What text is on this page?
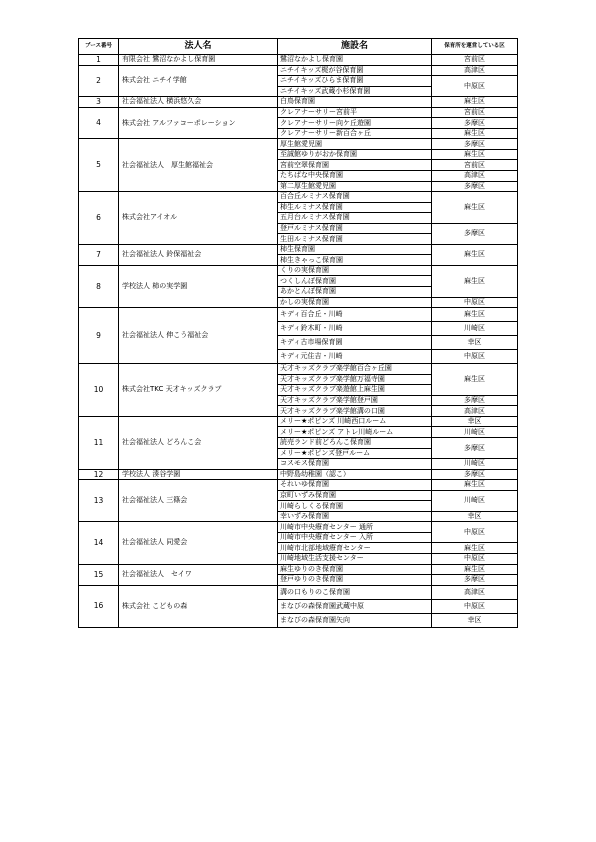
ブース番号	法人名	施設名	保育所を運営している区
1	有限会社 鷺沼なかよし保育園	鷺沼なかよし保育園	宮前区
2	株式会社 ニチイ学館	ニチイキッズ梶が谷保育園	高津区
		ニチイキッズひらま保育園	中原区
		ニチイキッズ武蔵小杉保育園	
3	社会福祉法人 横浜悠久会	白鳥保育園	麻生区
4	株式会社 アルファコーポレーション	クレアナーサリー宮前平	宮前区
		クレアナーサリー向ケ丘遊園	多摩区
		クレアナーサリー新百合ヶ丘	麻生区
5	社会福祉法人　厚生館福祉会	厚生館愛児園	多摩区
		至誠館ゆりがおか保育園	麻生区
		宮前空翠保育園	宮前区
		たちばな中央保育園	高津区
		第二厚生館愛児園	多摩区
6	株式会社アイオル	百合丘ルミナス保育園	麻生区
		柿生ルミナス保育園	
		五月台ルミナス保育園	
		登戸ルミナス保育園	多摩区
		生田ルミナス保育園	
7	社会福祉法人 鈴保福祉会	柿生保育園	麻生区
		柿生きゃっこ保育園	
8	学校法人 柿の実学園	くりの実保育園	麻生区
		つくしんぼ保育園	
		あかとんぼ保育園	
		かしの実保育園	中原区
9	社会福祉法人 伸こう福祉会	キディ百合丘・川崎	麻生区
		キディ鈴木町・川崎	川崎区
		キディ古市場保育園	幸区
		キディ元住吉・川崎	中原区
10	株式会社TKC 天才キッズクラブ	天才キッズクラブ楽学館百合ヶ丘園	麻生区
		天才キッズクラブ楽学館万福寺園	
		天才キッズクラブ楽遊館上麻生園	
		天才キッズクラブ楽学館登戸園	多摩区
		天才キッズクラブ楽学館溝の口園	高津区
11	社会福祉法人 どろんこ会	メリー★ポピンズ 川崎西口ルーム	幸区
		メリー★ポピンズ アトレ川崎ルーム	川崎区
		読売ランド前どろんこ保育園	多摩区
		メリー★ポピンズ登戸ルーム	
		コスモス保育園	川崎区
12	学校法人 湊谷学園	中野島幼稚園（認こ）	多摩区
13	社会福祉法人 三篠会	それいゆ保育園	麻生区
		京町いずみ保育園	川崎区
		川崎らしくる保育園	
		幸いずみ保育園	幸区
14	社会福祉法人 同愛会	川崎市中央療育センター 通所	中原区
		川崎市中央療育センター 入所	
		川崎市北部地域療育センター	麻生区
		川崎地域生活支援センター	中原区
15	社会福祉法人　セイワ	麻生ゆりのき保育園	麻生区
		登戸ゆりのき保育園	多摩区
16	株式会社 こどもの森	溝の口もりのこ保育園	高津区
		まなびの森保育園武蔵中原	中原区
		まなびの森保育園矢向	幸区
